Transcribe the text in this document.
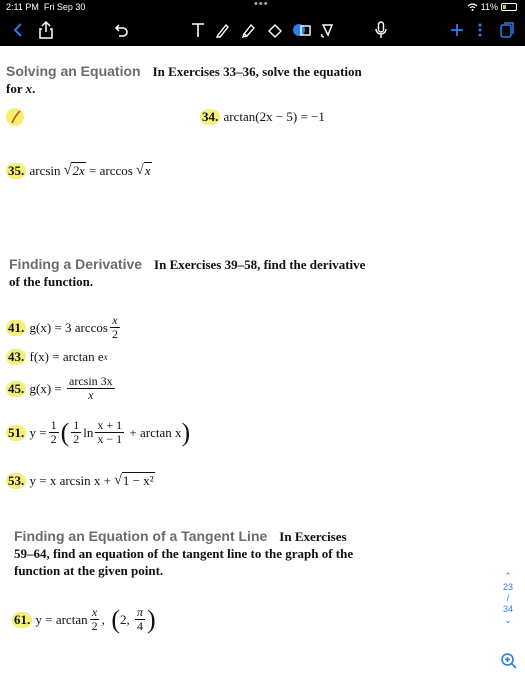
2:11 PM Fri Sep 30	•••	11%
Solving an Equation In Exercises 33–36, solve the equation
for x.
34.
arctan(2x − 5) = −1
35.
arcsin
√ 2x
= arccos
√ x
Finding a Derivative In Exercises 39–58, find the derivative
of the function.
41.
g(x) = 3 $\arccos \frac{x}{2}$
43.
f(x) = arctan e x
45.
g(x) =
$\frac{\arcsin 3x}{x}$
51.
$y = \frac{1}{2}$ ( $\frac{1}{2}$ $\ln \frac{x + 1}{x - 1}$
+ arctan x )
53.
y = x arcsin x +
√ 1 − x²
Finding an Equation of a Tangent Line In Exercises
59–64, find an equation of the tangent line to the graph of the
function at the given point.
61.
$y = \arctan \frac{x}{2}$ , ( 2,
$\frac{\pi}{4}$ )
⌃
23
/
34
⌄
